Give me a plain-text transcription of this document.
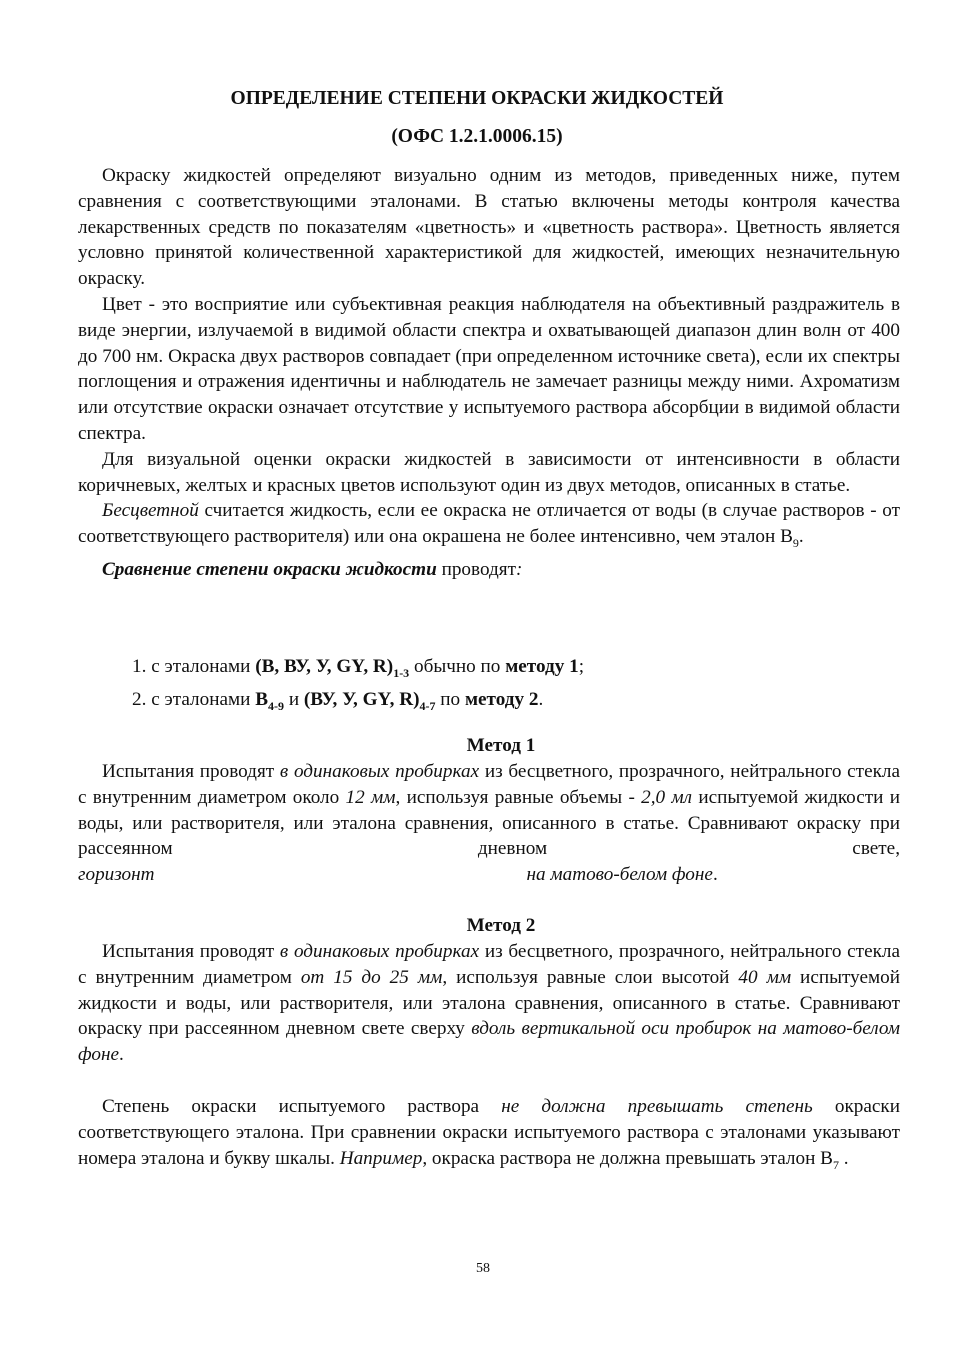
ОПРЕДЕЛЕНИЕ СТЕПЕНИ ОКРАСКИ ЖИДКОСТЕЙ
(ОФС 1.2.1.0006.15)

Окраску жидкостей определяют визуально одним из методов, приведенных ниже, путем сравнения с соответствующими эталонами. В статью включены методы контроля качества лекарственных средств по показателям «цветность» и «цветность раствора». Цветность является условно принятой количественной характеристикой для жидкостей, имеющих незначительную окраску.

Цвет - это восприятие или субъективная реакция наблюдателя на объективный раздражитель в виде энергии, излучаемой в видимой области спектра и охватывающей диапазон длин волн от 400 до 700 нм. Окраска двух растворов совпадает (при определенном источнике света), если их спектры поглощения и отражения идентичны и наблюдатель не замечает разницы между ними. Ахроматизм или отсутствие окраски означает отсутствие у испытуемого раствора абсорбции в видимой области спектра.

Для визуальной оценки окраски жидкостей в зависимости от интенсивности в области коричневых, желтых и красных цветов используют один из двух методов, описанных в статье.

Бесцветной считается жидкость, если ее окраска не отличается от воды (в случае растворов - от соответствующего растворителя) или она окрашена не более интенсивно, чем эталон $В_9$.

Сравнение степени окраски жидкости проводят:

1. с эталонами (В, ВУ, У, GY, $R)_{1-3}$ обычно по методу 1;
2. с эталонами $В_{4-9}$ и (ВУ, У, GY, $R)_{4-7}$ по методу 2.
Метод 1

Испытания проводят в одинаковых пробирках из бесцветного, прозрачного, нейтрального стекла с внутренним диаметром около 12 мм, используя равные объемы - 2,0 мл испытуемой жидкости и воды, или растворителя, или эталона сравнения, описанного в статье. Сравнивают окраску при рассеянном дневном свете, горизонт	на матово-белом фоне.

Метод 2

Испытания проводят в одинаковых пробирках из бесцветного, прозрачного, нейтрального стекла с внутренним диаметром от 15 до 25 мм, используя равные слои высотой 40 мм испытуемой жидкости и воды, или растворителя, или эталона сравнения, описанного в статье. Сравнивают окраску при рассеянном дневном свете сверху вдоль вертикальной оси пробирок на матово-белом фоне.

Степень окраски испытуемого раствора не должна превышать степень окраски соответствующего эталона. При сравнении окраски испытуемого раствора с эталонами указывают номера эталона и букву шкалы. Например, окраска раствора не должна превышать эталон $В_7$ .

58
